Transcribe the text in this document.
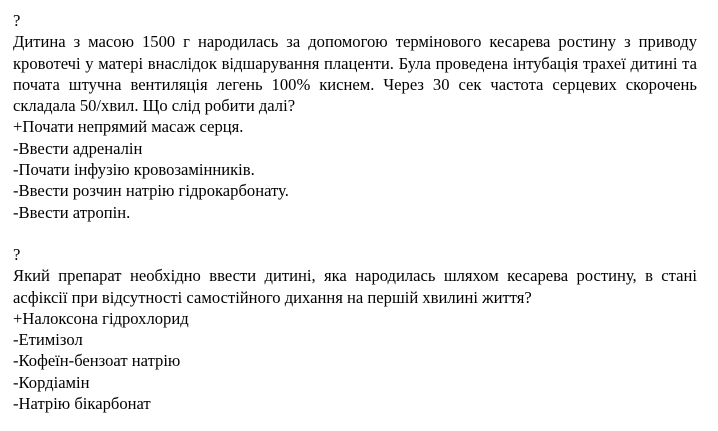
?

Дитина з масою 1500 г народилась за допомогою термінового кесарева ростину з приводу кровотечі у матері внаслідок відшарування плаценти. Була проведена інтубація трахеї дитині та почата штучна вентиляція легень 100% киснем. Через 30 сек частота серцевих скорочень складала 50/хвил. Що слід робити далі?

+Почати непрямий масаж серця.

-Ввести адреналін

-Почати інфузію кровозамінників.

-Ввести розчин натрію гідрокарбонату.

-Ввести атропін.

?

Який препарат необхідно ввести дитині, яка народилась шляхом кесарева ростину, в стані асфіксії при відсутності самостійного дихання на першій хвилині життя?

+Налоксона гідрохлорид

-Етимізол

-Кофеїн-бензоат натрію

-Кордіамін

-Натрію бікарбонат
